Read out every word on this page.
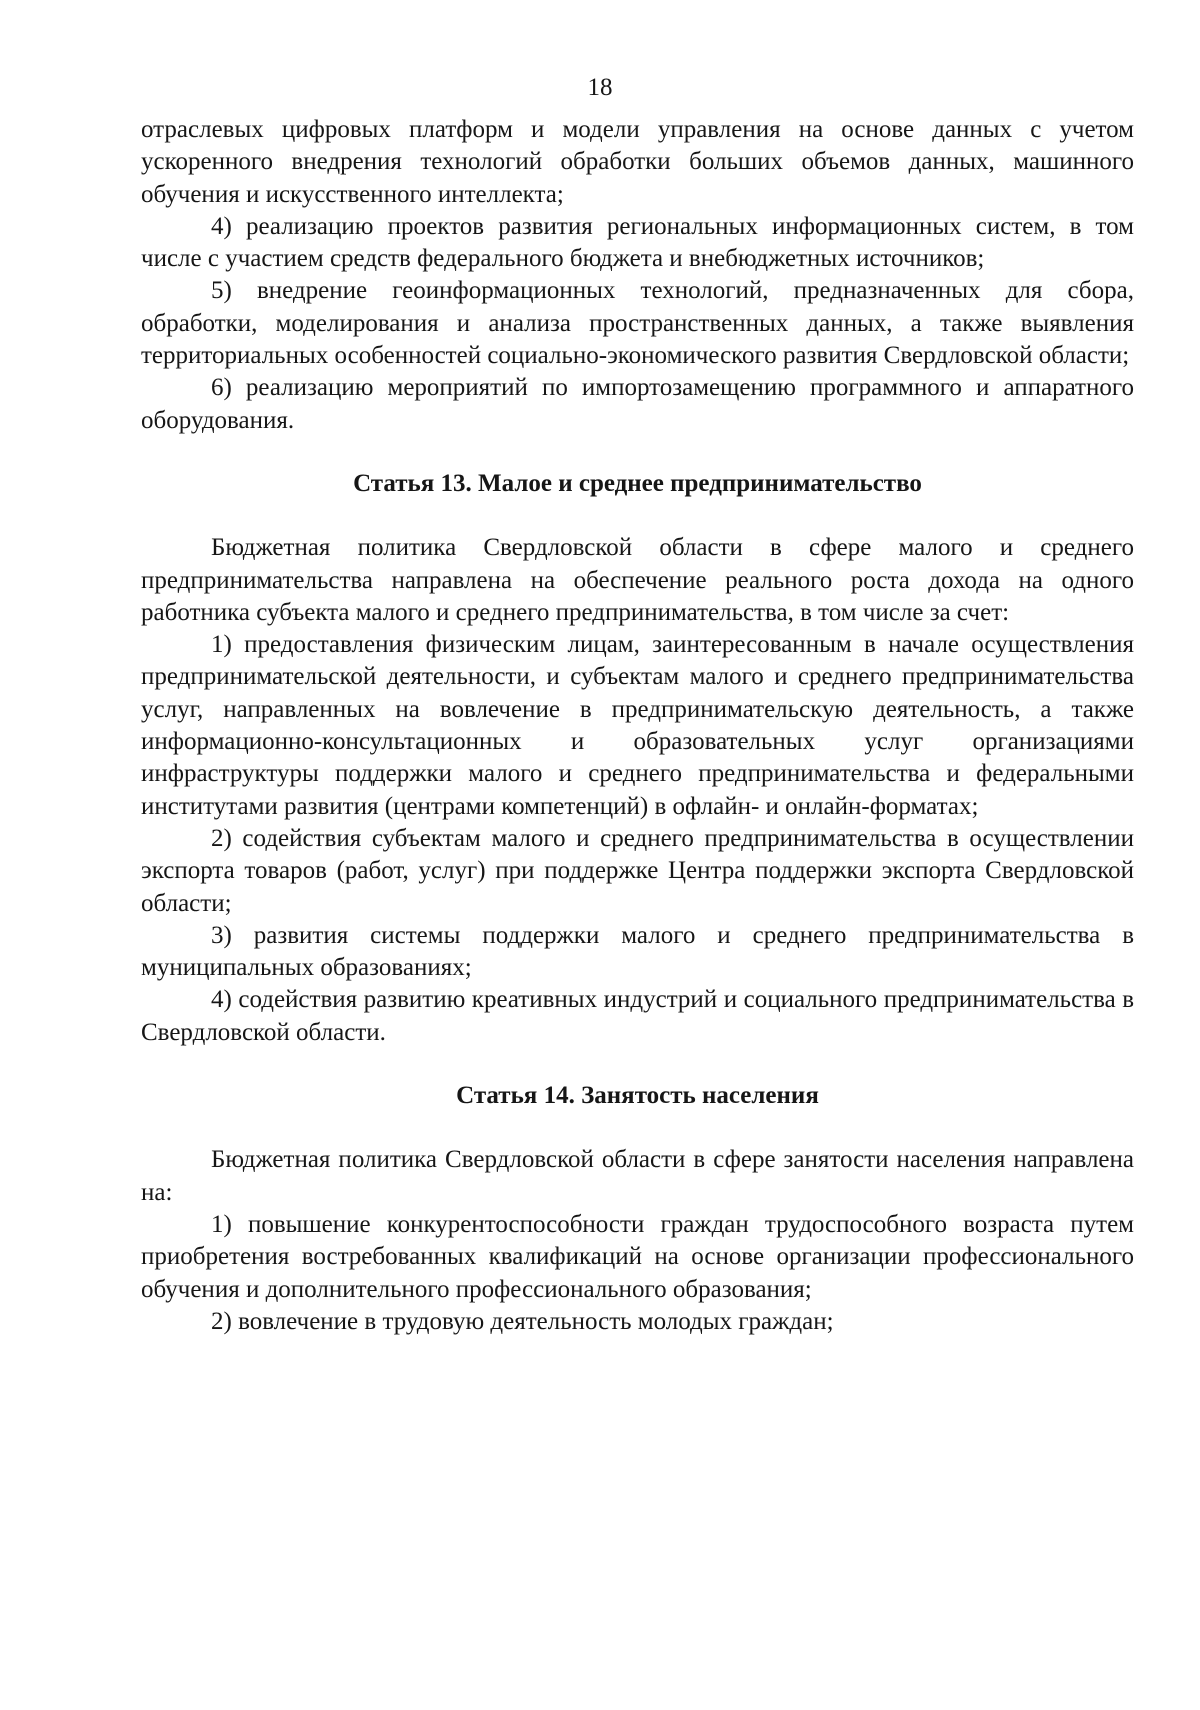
18

отраслевых цифровых платформ и модели управления на основе данных с учетом ускоренного внедрения технологий обработки больших объемов данных, машинного обучения и искусственного интеллекта;

4) реализацию проектов развития региональных информационных систем, в том числе с участием средств федерального бюджета и внебюджетных источников;

5) внедрение геоинформационных технологий, предназначенных для сбора, обработки, моделирования и анализа пространственных данных, а также выявления территориальных особенностей социально-экономического развития Свердловской области;

6) реализацию мероприятий по импортозамещению программного и аппаратного оборудования.

Статья 13. Малое и среднее предпринимательство

Бюджетная политика Свердловской области в сфере малого и среднего предпринимательства направлена на обеспечение реального роста дохода на одного работника субъекта малого и среднего предпринимательства, в том числе за счет:

1) предоставления физическим лицам, заинтересованным в начале осуществления предпринимательской деятельности, и субъектам малого и среднего предпринимательства услуг, направленных на вовлечение в предпринимательскую деятельность, а также информационно-консультационных и образовательных услуг организациями инфраструктуры поддержки малого и среднего предпринимательства и федеральными институтами развития (центрами компетенций) в офлайн- и онлайн-форматах;

2) содействия субъектам малого и среднего предпринимательства в осуществлении экспорта товаров (работ, услуг) при поддержке Центра поддержки экспорта Свердловской области;

3) развития системы поддержки малого и среднего предпринимательства в муниципальных образованиях;

4) содействия развитию креативных индустрий и социального предпринимательства в Свердловской области.

Статья 14. Занятость населения

Бюджетная политика Свердловской области в сфере занятости населения направлена на:

1) повышение конкурентоспособности граждан трудоспособного возраста путем приобретения востребованных квалификаций на основе организации профессионального обучения и дополнительного профессионального образования;

2) вовлечение в трудовую деятельность молодых граждан;
